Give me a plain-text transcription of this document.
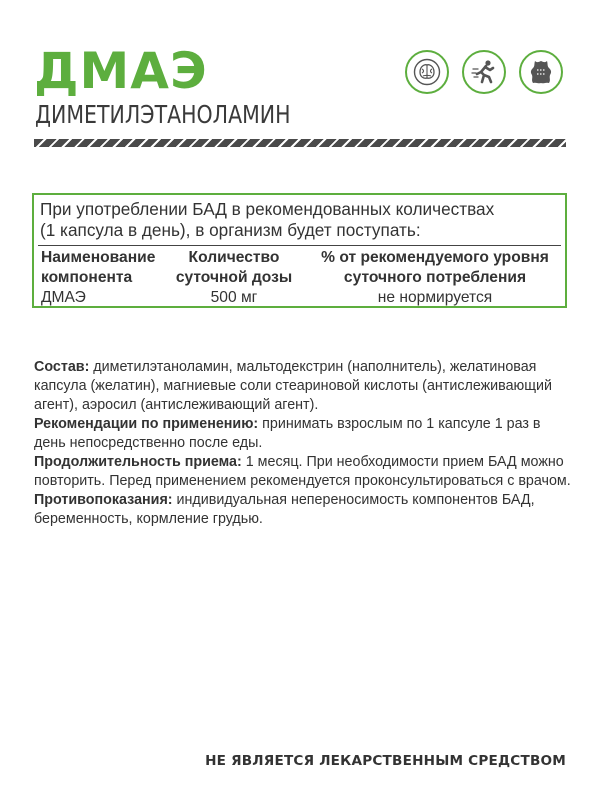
ДМАЭ
ДИМЕТИЛЭТАНОЛАМИН
При употреблении БАД в рекомендованных количествах
(1 капсула в день), в организм будет поступать:
Наименование
компонента
Количество
суточной дозы
% от рекомендуемого уровня
суточного потребления
ДМАЭ	500 мг	не нормируется

Состав: диметилэтаноламин, мальтодекстрин (наполнитель), желатиновая капсула (желатин), магниевые соли стеариновой кислоты (антислеживающий агент), аэросил (антислеживающий агент).

Рекомендации по применению: принимать взрослым по 1 капсуле 1 раз в день непосредственно после еды.

Продолжительность приема: 1 месяц. При необходимости прием БАД можно повторить. Перед применением рекомендуется проконсультироваться с врачом.

Противопоказания: индивидуальная непереносимость компонентов БАД, беременность, кормление грудью.

НЕ ЯВЛЯЕТСЯ ЛЕКАРСТВЕННЫМ СРЕДСТВОМ
